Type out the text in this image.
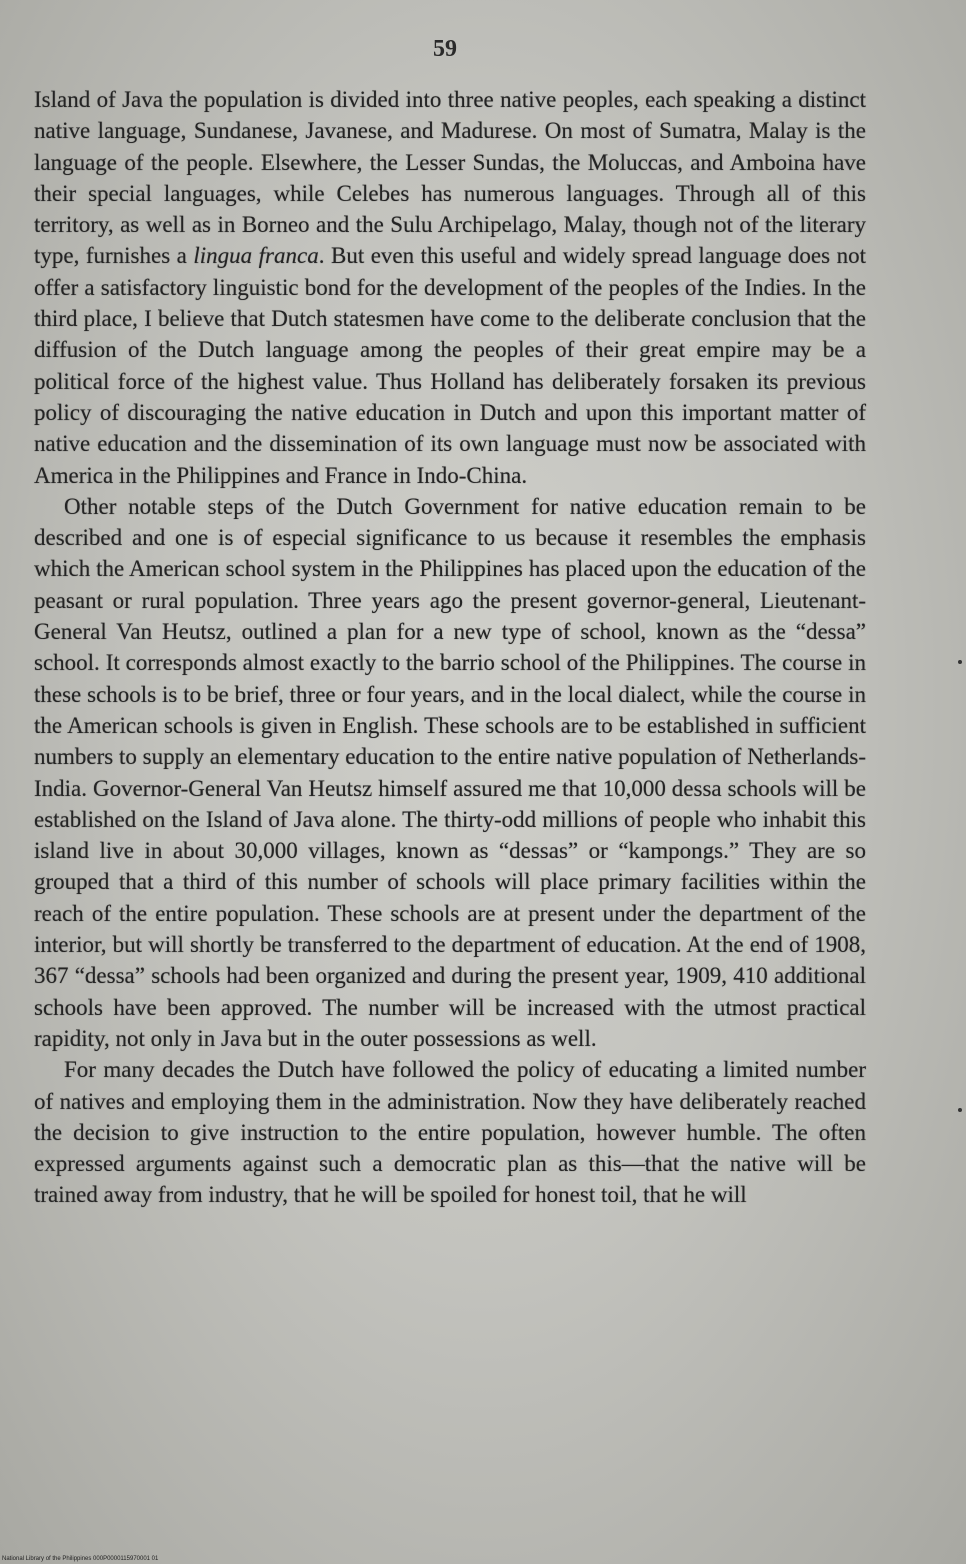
59

Island of Java the population is divided into three native peoples, each speaking a distinct native language, Sundanese, Javanese, and Madurese. On most of Sumatra, Malay is the language of the people. Elsewhere, the Lesser Sundas, the Moluccas, and Amboina have their special languages, while Celebes has numerous languages. Through all of this territory, as well as in Borneo and the Sulu Archipelago, Malay, though not of the literary type, furnishes a lingua franca. But even this useful and widely spread language does not offer a satisfactory linguistic bond for the development of the peoples of the Indies. In the third place, I believe that Dutch statesmen have come to the deliberate conclusion that the diffusion of the Dutch language among the peoples of their great empire may be a political force of the highest value. Thus Holland has deliberately forsaken its previous policy of discouraging the native education in Dutch and upon this important matter of native education and the dissemination of its own language must now be associated with America in the Philippines and France in Indo-China.

Other notable steps of the Dutch Government for native education remain to be described and one is of especial significance to us because it resembles the emphasis which the American school system in the Philippines has placed upon the education of the peasant or rural population. Three years ago the present governor-general, Lieutenant-General Van Heutsz, outlined a plan for a new type of school, known as the “dessa” school. It corresponds almost exactly to the barrio school of the Philippines. The course in these schools is to be brief, three or four years, and in the local dialect, while the course in the American schools is given in English. These schools are to be established in sufficient numbers to supply an elementary education to the entire native population of Netherlands-India. Governor-General Van Heutsz himself assured me that 10,000 dessa schools will be established on the Island of Java alone. The thirty-odd millions of people who inhabit this island live in about 30,000 villages, known as “dessas” or “kampongs.” They are so grouped that a third of this number of schools will place primary facilities within the reach of the entire population. These schools are at present under the department of the interior, but will shortly be transferred to the department of education. At the end of 1908, 367 “dessa” schools had been organized and during the present year, 1909, 410 additional schools have been approved. The number will be increased with the utmost practical rapidity, not only in Java but in the outer possessions as well.

For many decades the Dutch have followed the policy of educating a limited number of natives and employing them in the administration. Now they have deliberately reached the decision to give instruction to the entire population, however humble. The often expressed arguments against such a democratic plan as this—that the native will be trained away from industry, that he will be spoiled for honest toil, that he will

National Library of the Philippines 000P0000115970001 01
